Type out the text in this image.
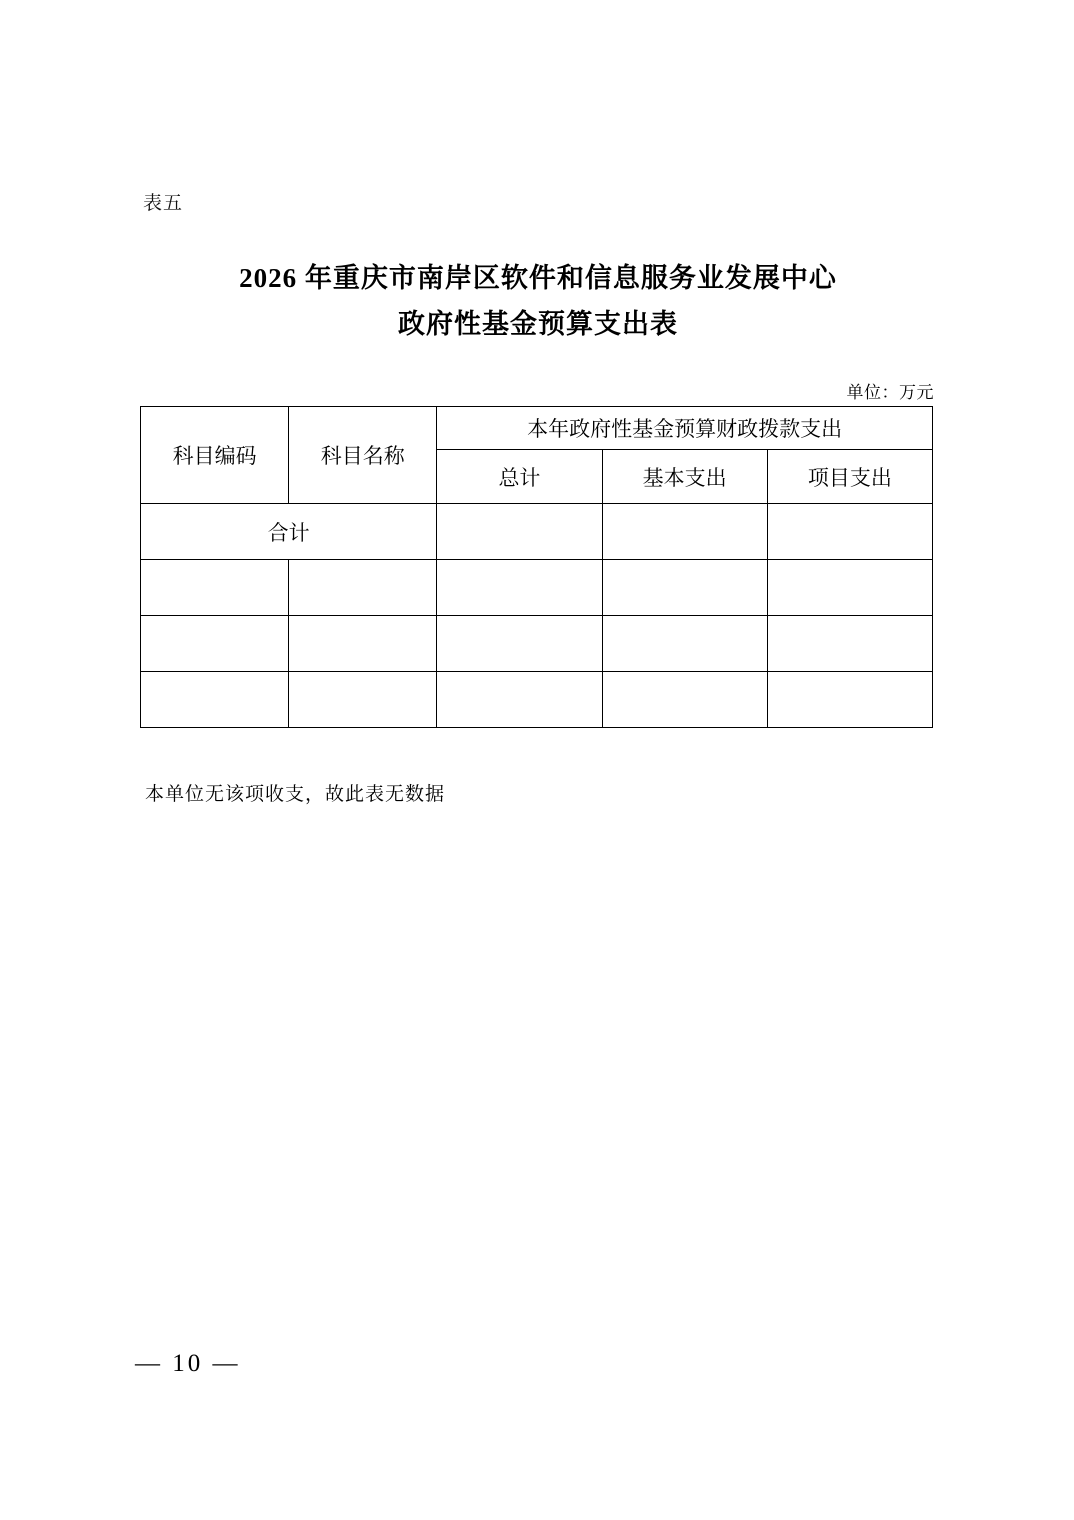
表五
2026 年重庆市南岸区软件和信息服务业发展中心
政府性基金预算支出表
单位：万元
科目编码	科目名称	本年政府性基金预算财政拨款支出		
		总计	基本支出	项目支出
合计				

本单位无该项收支，故此表无数据
— 10 —
